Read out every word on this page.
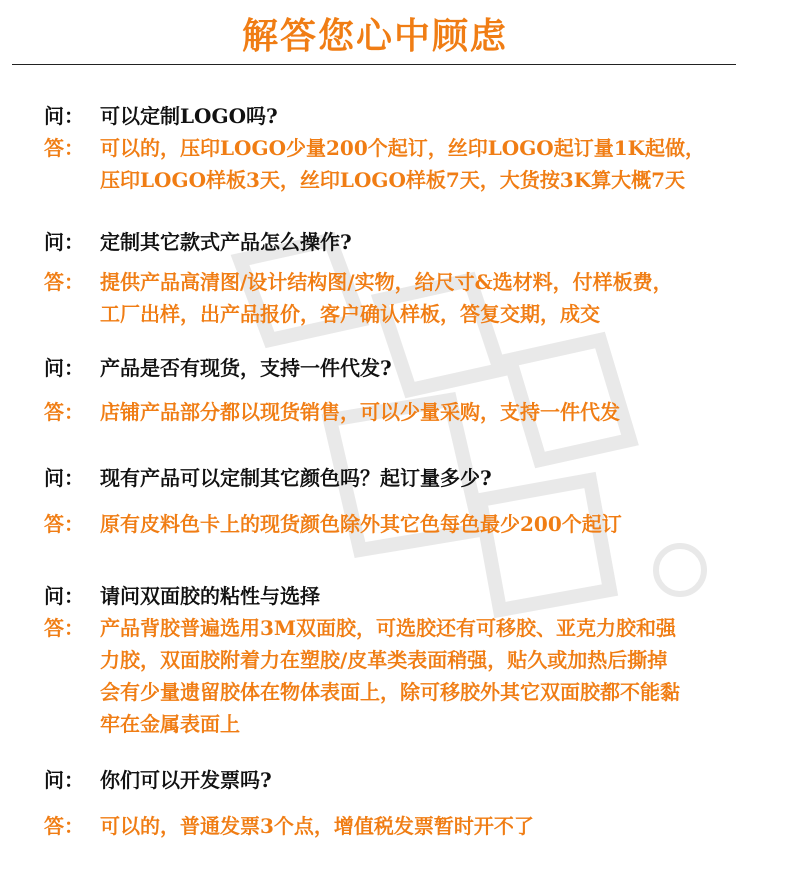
解答您心中顾虑
问： 可以定制LOGO吗?
答： 可以的，压印LOGO少量200个起订，丝印LOGO起订量1K起做，
压印LOGO样板3天，丝印LOGO样板7天，大货按3K算大概7天
问： 定制其它款式产品怎么操作?
答： 提供产品高清图/设计结构图/实物，给尺寸&选材料，付样板费，
工厂出样，出产品报价，客户确认样板，答复交期，成交
问： 产品是否有现货，支持一件代发?
答： 店铺产品部分都以现货销售，可以少量采购，支持一件代发
问： 现有产品可以定制其它颜色吗？起订量多少?
答： 原有皮料色卡上的现货颜色除外其它色每色最少200个起订
问： 请问双面胶的粘性与选择
答： 产品背胶普遍选用3M双面胶，可选胶还有可移胶、亚克力胶和强
力胶，双面胶附着力在塑胶/皮革类表面稍强，贴久或加热后撕掉
会有少量遗留胶体在物体表面上，除可移胶外其它双面胶都不能黏
牢在金属表面上
问： 你们可以开发票吗?
答： 可以的，普通发票3个点，增值税发票暂时开不了
